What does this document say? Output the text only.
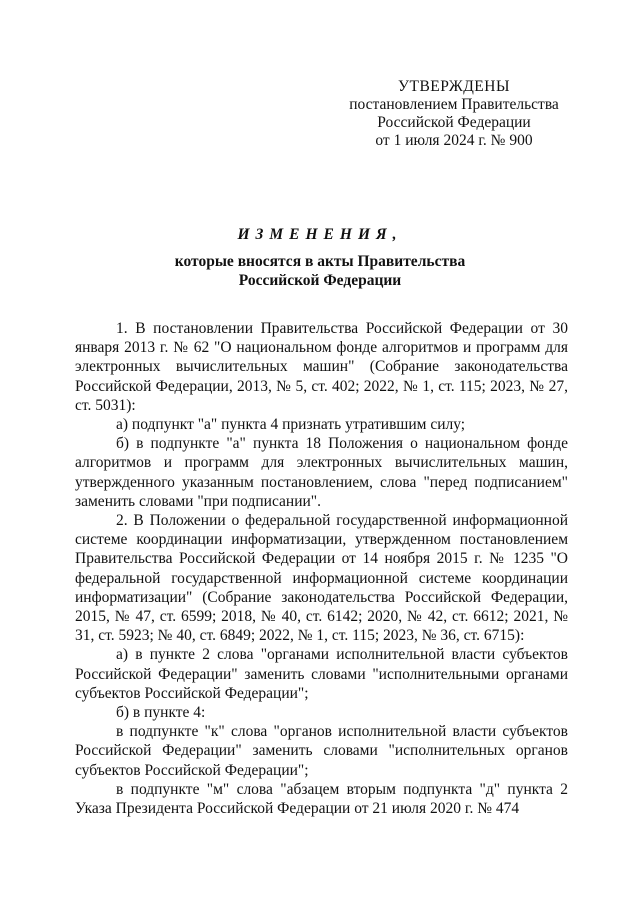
УТВЕРЖДЕНЫ
постановлением Правительства
Российской Федерации
от 1 июля 2024 г. № 900
ИЗМЕНЕНИЯ,
которые вносятся в акты Правительства
Российской Федерации

1. В постановлении Правительства Российской Федерации от 30 января 2013 г. № 62 "О национальном фонде алгоритмов и программ для электронных вычислительных машин" (Собрание законодательства Российской Федерации, 2013, № 5, ст. 402; 2022, № 1, ст. 115; 2023, № 27, ст. 5031):

а) подпункт "а" пункта 4 признать утратившим силу;

б) в подпункте "а" пункта 18 Положения о национальном фонде алгоритмов и программ для электронных вычислительных машин, утвержденного указанным постановлением, слова "перед подписанием" заменить словами "при подписании".

2. В Положении о федеральной государственной информационной системе координации информатизации, утвержденном постановлением Правительства Российской Федерации от 14 ноября 2015 г. № 1235 "О федеральной государственной информационной системе координации информатизации" (Собрание законодательства Российской Федерации, 2015, № 47, ст. 6599; 2018, № 40, ст. 6142; 2020, № 42, ст. 6612; 2021, № 31, ст. 5923; № 40, ст. 6849; 2022, № 1, ст. 115; 2023, № 36, ст. 6715):

а) в пункте 2 слова "органами исполнительной власти субъектов Российской Федерации" заменить словами "исполнительными органами субъектов Российской Федерации";

б) в пункте 4:

в подпункте "к" слова "органов исполнительной власти субъектов Российской Федерации" заменить словами "исполнительных органов субъектов Российской Федерации";

в подпункте "м" слова "абзацем вторым подпункта "д" пункта 2 Указа Президента Российской Федерации от 21 июля 2020 г. № 474
